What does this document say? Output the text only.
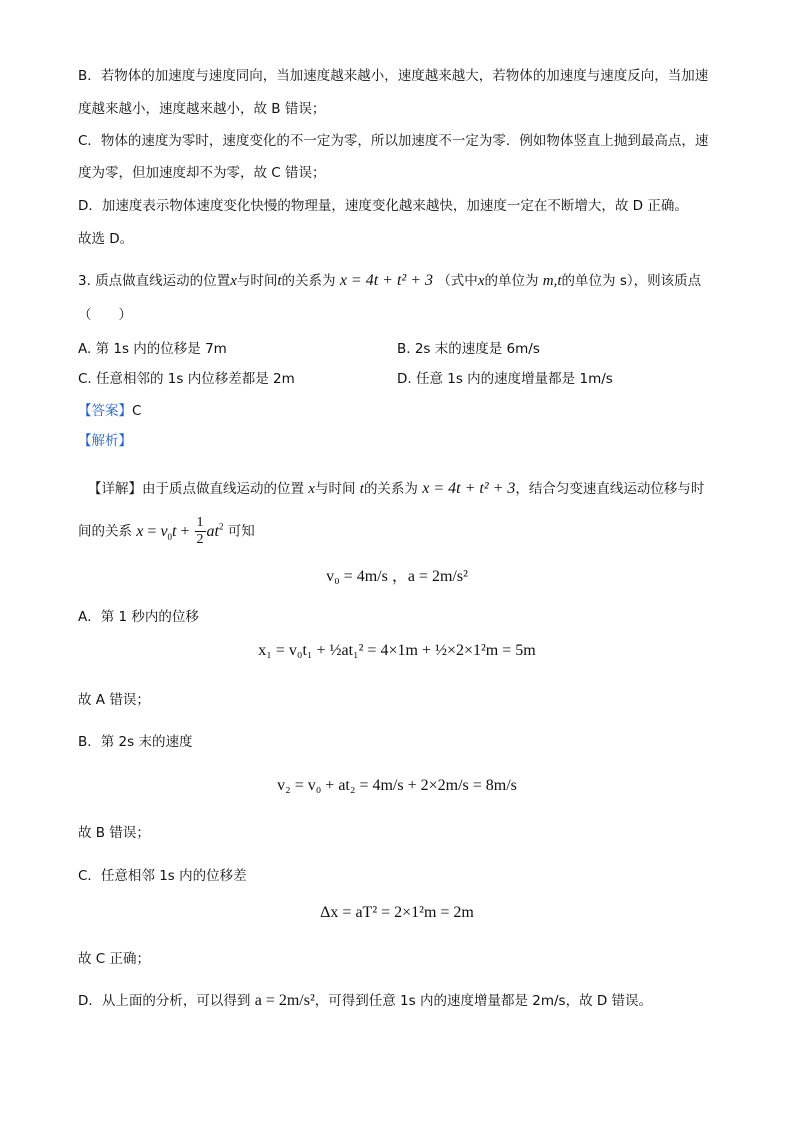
B．若物体的加速度与速度同向，当加速度越来越小，速度越来越大，若物体的加速度与速度反向，当加速
度越来越小，速度越来越小，故 B 错误；
C．物体的速度为零时，速度变化的不一定为零，所以加速度不一定为零．例如物体竖直上抛到最高点，速
度为零，但加速度却不为零，故 C 错误；
D．加速度表示物体速度变化快慢的物理量，速度变化越来越快，加速度一定在不断增大，故 D 正确。
故选 D。
3. 质点做直线运动的位置x与时间t的关系为 x = 4t + t² + 3 （式中x的单位为 m,t的单位为 s），则该质点
（　　）
A. 第 1s 内的位移是 7m	B. 2s 末的速度是 6m/s
C. 任意相邻的 1s 内位移差都是 2m	D. 任意 1s 内的速度增量都是 1m/s
【答案】C
【解析】
【详解】由于质点做直线运动的位置 x与时间 t的关系为 x = 4t + t² + 3，结合匀变速直线运动位移与时
间的关系 $x = v_0t + \frac{1}{2} at^2$ 可知
v₀ = 4m/s ，a = 2m/s²
A．第 1 秒内的位移
x₁ = v₀t₁ + ½at₁² = 4×1m + ½×2×1²m = 5m
故 A 错误；
B．第 2s 末的速度
v₂ = v₀ + at₂ = 4m/s + 2×2m/s = 8m/s
故 B 错误；
C．任意相邻 1s 内的位移差
Δx = aT² = 2×1²m = 2m
故 C 正确；
D．从上面的分析，可以得到 a = 2m/s²，可得到任意 1s 内的速度增量都是 2m/s，故 D 错误。
